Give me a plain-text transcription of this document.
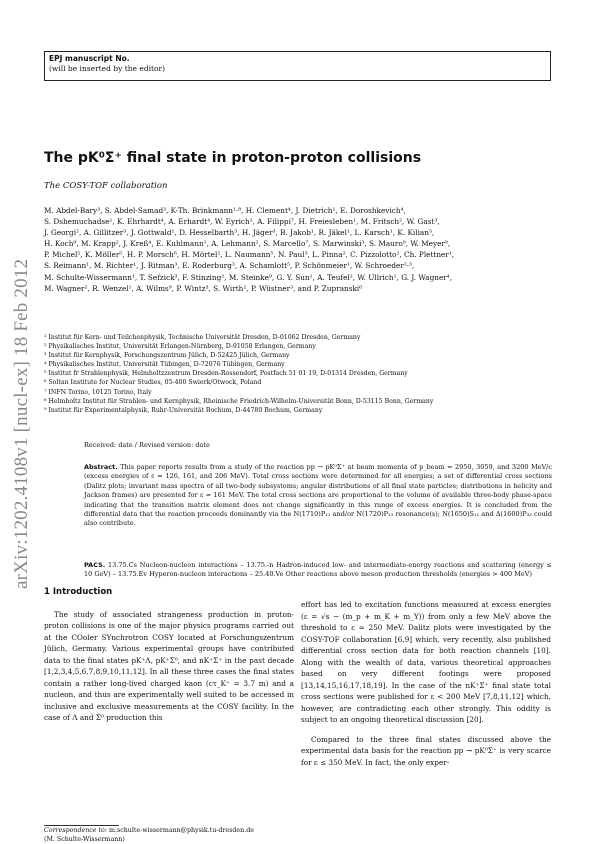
EPJ manuscript No.
(will be inserted by the editor)
arXiv:1202.4108v1 [nucl-ex] 18 Feb 2012
The pK⁰Σ⁺ final state in proton-proton collisions
The COSY-TOF collaboration
M. Abdel-Bary³, S. Abdel-Samad³, K-Th. Brinkmann¹·⁸, H. Clement⁴, J. Dietrich¹, E. Doroshkevich⁴,
S. Dshemuchadse¹, K. Ehrhardt⁴, A. Erhardt⁴, W. Eyrich², A. Filippi⁷, H. Freiesleben¹, M. Fritsch², W. Gast³,
J. Georgi², A. Gillitzer³, J. Gottwald¹, D. Hesselbarth³, H. Jäger³, B. Jakob¹, R. Jäkel¹, L. Karsch¹, K. Kilian³,
H. Koch⁹, M. Krapp², J. Kreß⁴, E. Kuhlmann¹, A. Lehmann², S. Marcello⁷, S. Marwinski³, S. Mauro⁹, W. Meyer⁹,
P. Michel⁵, K. Möller⁵, H. P. Morsch⁶, H. Mörtel², L. Naumann⁵, N. Paul³, L. Pinna², C. Pizzolotto², Ch. Plettner¹,
S. Reimann¹, M. Richter¹, J. Ritman³, E. Roderburg³, A. Schamlott⁵, P. Schönmeier¹, W. Schroeder²·³,
M. Schulte-Wissermann¹, T. Sefzick³, F. Stinzing², M. Steinke⁹, G. Y. Sun¹, A. Teufel², W. Ullrich¹, G. J. Wagner⁴,
M. Wagner², R. Wenzel¹, A. Wilms⁹, P. Wintz³, S. Wirth², P. Wüstner³, and P. Zupranski⁶
¹ Institut für Kern- und Teilchenphysik, Technische Universität Dresden, D-01062 Dresden, Germany
² Physikalisches Institut, Universität Erlangen-Nürnberg, D-91058 Erlangen, Germany
³ Institut für Kernphysik, Forschungszentrum Jülich, D-52425 Jülich, Germany
⁴ Physikalisches Institut, Universität Tübingen, D-72076 Tübingen, Germany
⁵ Institut fr Strahlenphysik, Helmholtzzentrum Dresden-Rossendorf, Postfach 51 01 19, D-01314 Dresden, Germany
⁶ Soltan Institute for Nuclear Studies, 05-400 Swierk/Otwock, Poland
⁷ INFN Torino, 10125 Torino, Italy
⁸ Helmholtz Institut für Strahlen- und Kernphysik, Rheinische Friedrich-Wilhelm-Universität Bonn, D-53115 Bonn, Germany
⁹ Institut für Experimentalphysik, Ruhr-Universität Bochum, D-44780 Bochum, Germany
Received: date / Revised version: date
Abstract. This paper reports results from a study of the reaction pp → pK⁰Σ⁺ at beam momenta of p_beam = 2950, 3059, and 3200 MeV/c (excess energies of ε = 126, 161, and 206 MeV). Total cross sections were determined for all energies; a set of differential cross sections (Dalitz plots; invariant mass spectra of all two-body subsystems; angular distributions of all final state particles; distributions in helicity and Jackson frames) are presented for ε = 161 MeV. The total cross sections are proportional to the volume of available three-body phase-space indicating that the transition matrix element does not change significantly in this range of excess energies. It is concluded from the differential data that the reaction proceeds dominantly via the N(1710)P₁₁ and/or N(1720)P₁₃ resonance(s); N(1650)S₁₁ and Δ(1600)P₃₃ could also contribute.
PACS. 13.75.Cs Nucleon-nucleon interactions – 13.75.-n Hadron-induced low- and intermediate-energy reactions and scattering (energy ≤ 10 GeV) – 13.75.Ev Hyperon-nucleon interactions – 25.40.Ve Other reactions above meson production thresholds (energies > 400 MeV)
1 Introduction

The study of associated strangeness production in proton-proton collisions is one of the major physics programs carried out at the COoler SYnchrotron COSY located at Forschungszentrum Jülich, Germany. Various experimental groups have contributed data to the final states pK⁺Λ, pK⁺Σ⁰, and nK⁺Σ⁺ in the past decade [1,2,3,4,5,6,7,8,9,10,11,12]. In all these three cases the final states contain a rather long-lived charged kaon (cτ_K⁺ = 3.7 m) and a nucleon, and thus are experimentally well suited to be accessed in inclusive and exclusive measurements at the COSY facility. In the case of Λ and Σ⁰ production this

effort has led to excitation functions measured at excess energies (ε = √s − (m_p + m_K + m_Y)) from only a few MeV above the threshold to ε ≈ 250 MeV. Dalitz plots were investigated by the COSY-TOF collaboration [6,9] which, very recently, also published differential cross section data for both reaction channels [10]. Along with the wealth of data, various theoretical approaches based on very different footings were proposed [13,14,15,16,17,18,19]. In the case of the nK⁺Σ⁺ final state total cross sections were published for ε < 200 MeV [7,8,11,12] which, however, are contradicting each other strongly. This oddity is subject to an ongoing theoretical discussion [20].

Compared to the three final states discussed above the experimental data basis for the reaction pp → pK⁰Σ⁺ is very scarce for ε ≤ 350 MeV. In fact, the only exper-

Correspondence to: m.schulte-wissermann@physik.tu-dresden.de
(M. Schulte-Wissermann)
